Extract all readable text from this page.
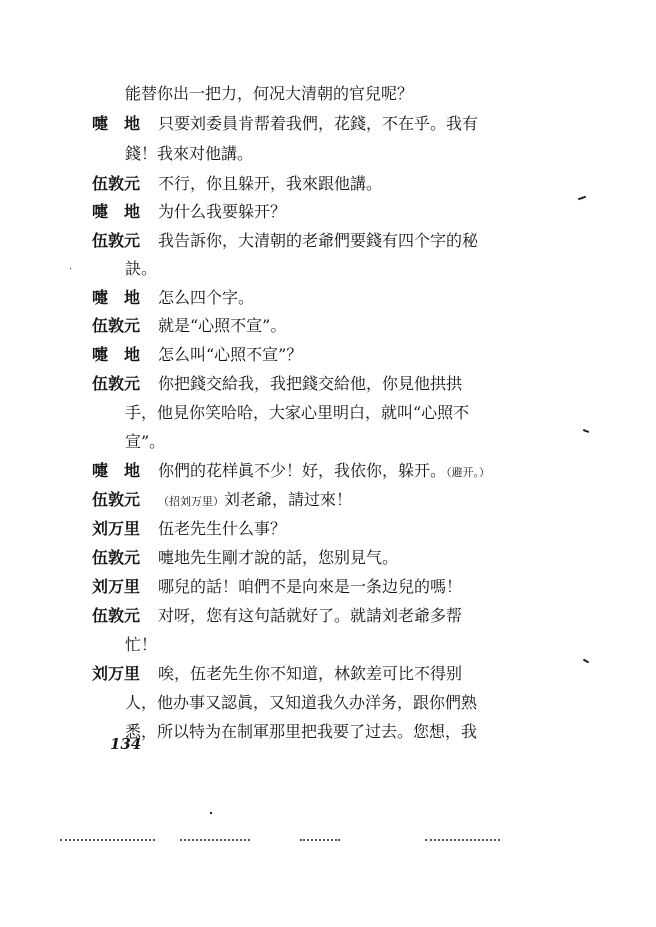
能替你出一把力，何况大清朝的官兒呢？
嚏　地 只要刘委員肯帮着我們，花錢，不在乎。我有
錢！我來对他講。
伍敦元 不行，你且躲开，我來跟他講。
嚏　地 为什么我要躲开？
伍敦元 我告訴你，大清朝的老爺們要錢有四个字的秘
訣。
嚏　地 怎么四个字。
伍敦元 就是“心照不宣”。
嚏　地 怎么叫“心照不宣”？
伍敦元 你把錢交給我，我把錢交給他，你見他拱拱
手，他見你笑哈哈，大家心里明白，就叫“心照不
宣”。
嚏　地 你們的花样眞不少！好，我依你，躲开。（避开。）
伍敦元 （招刘万里）刘老爺，請过來！
刘万里 伍老先生什么事？
伍敦元 嚏地先生剛才說的話，您别見气。
刘万里 哪兒的話！咱們不是向來是一条边兒的嗎！
伍敦元 对呀，您有这句話就好了。就請刘老爺多帮
忙！
刘万里 唉，伍老先生你不知道，林欽差可比不得别
人，他办事又認眞，又知道我久办洋务，跟你們熟
悉，所以特为在制軍那里把我要了过去。您想，我
134
